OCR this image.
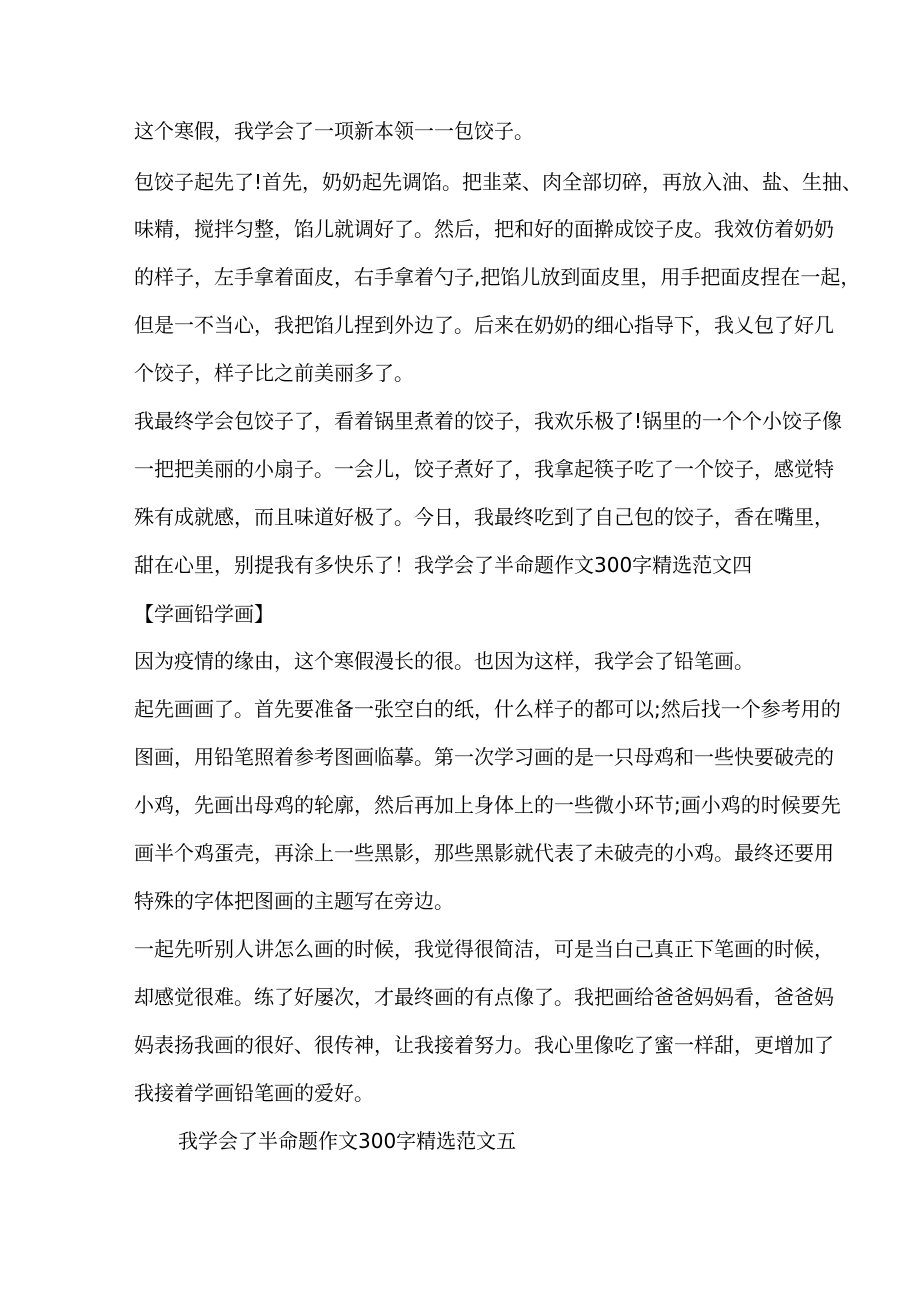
这个寒假，我学会了一项新本领一一包饺子。

包饺子起先了!首先，奶奶起先调馅。把韭菜、肉全部切碎，再放入油、盐、生抽、

味精，搅拌匀整，馅儿就调好了。然后，把和好的面擀成饺子皮。我效仿着奶奶

的样子，左手拿着面皮，右手拿着勺子,把馅儿放到面皮里，用手把面皮捏在一起，

但是一不当心，我把馅儿捏到外边了。后来在奶奶的细心指导下，我乂包了好几

个饺子，样子比之前美丽多了。

我最终学会包饺子了，看着锅里煮着的饺子，我欢乐极了!锅里的一个个小饺子像

一把把美丽的小扇子。一会儿，饺子煮好了，我拿起筷子吃了一个饺子，感觉特

殊有成就感，而且味道好极了。今日，我最终吃到了自己包的饺子，香在嘴里，

甜在心里，别提我有多快乐了！我学会了半命题作文300字精选范文四

【学画铅学画】

因为疫情的缘由，这个寒假漫长的很。也因为这样，我学会了铅笔画。

起先画画了。首先要准备一张空白的纸，什么样子的都可以;然后找一个参考用的

图画，用铅笔照着参考图画临摹。第一次学习画的是一只母鸡和一些快要破壳的

小鸡，先画出母鸡的轮廓，然后再加上身体上的一些微小环节;画小鸡的时候要先

画半个鸡蛋壳，再涂上一些黑影，那些黑影就代表了未破壳的小鸡。最终还要用

特殊的字体把图画的主题写在旁边。

一起先听别人讲怎么画的时候，我觉得很简洁，可是当白己真正下笔画的时候，

却感觉很难。练了好屡次，才最终画的有点像了。我把画给爸爸妈妈看，爸爸妈

妈表扬我画的很好、很传神，让我接着努力。我心里像吃了蜜一样甜，更增加了

我接着学画铅笔画的爱好。

我学会了半命题作文300字精选范文五
